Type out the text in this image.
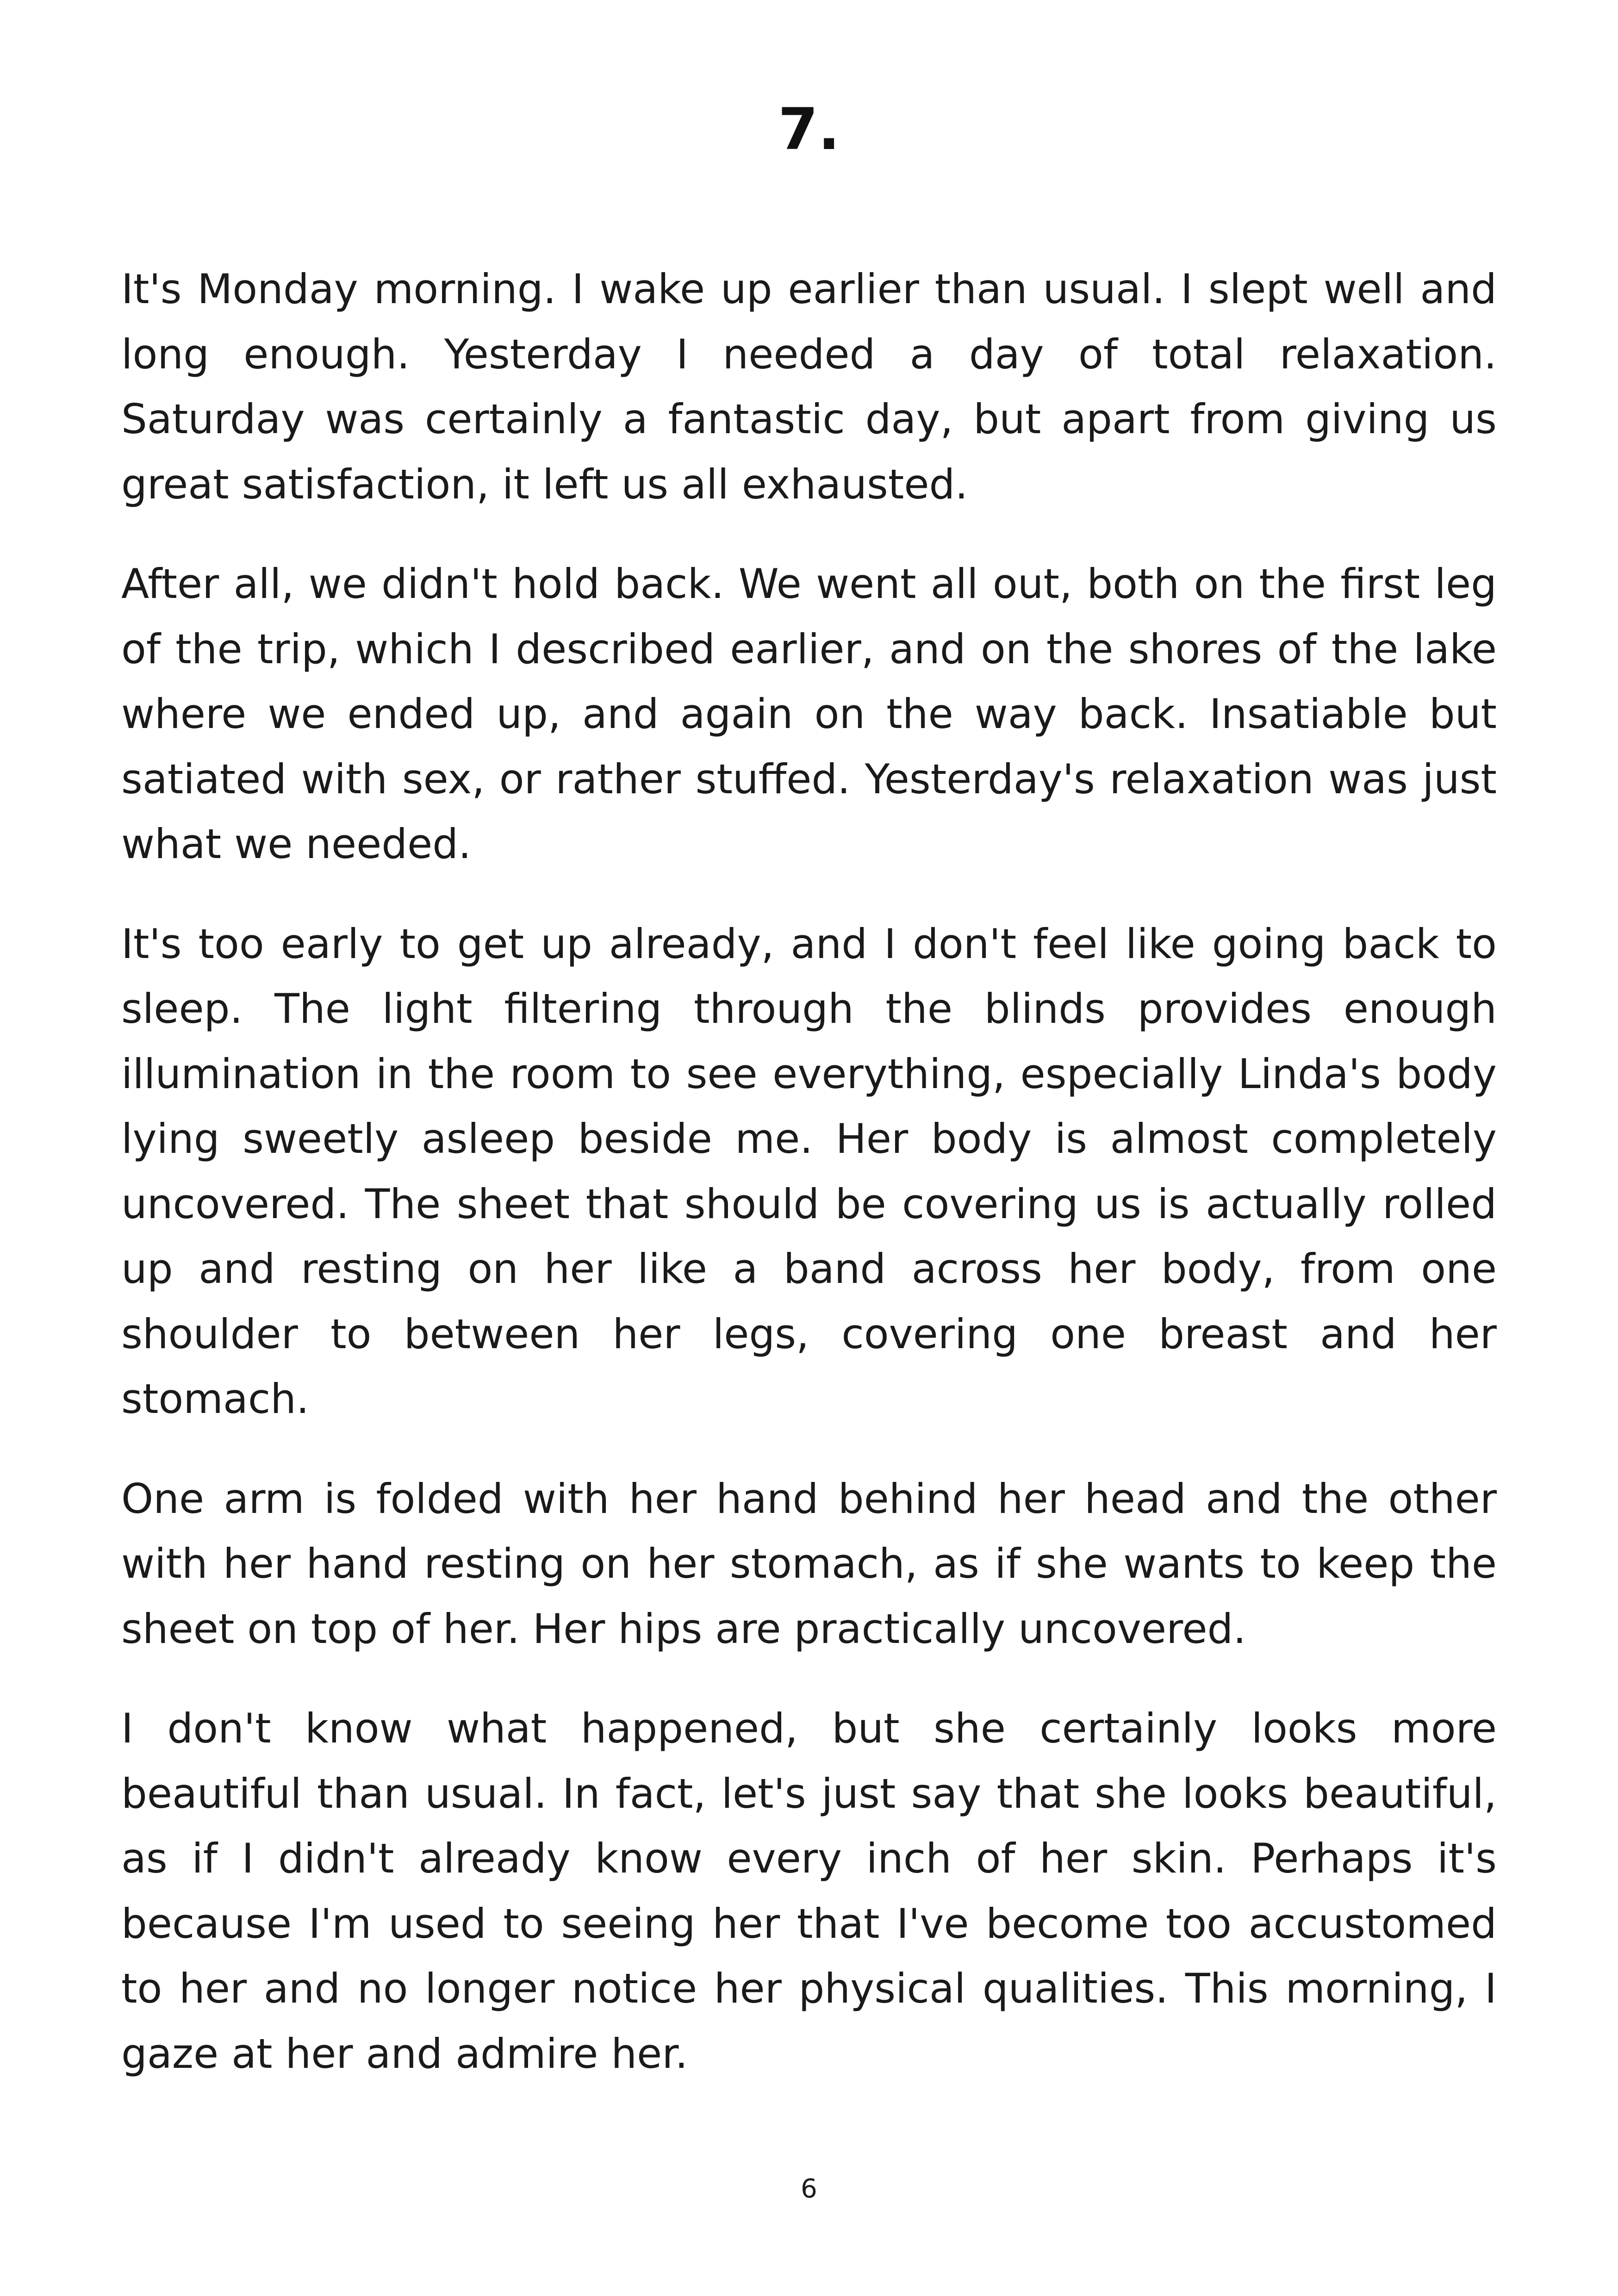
7.

It's Monday morning. I wake up earlier than usual. I slept well and long enough. Yesterday I needed a day of total relaxation. Saturday was certainly a fantastic day, but apart from giving us great satisfaction, it left us all exhausted.

After all, we didn't hold back. We went all out, both on the first leg of the trip, which I described earlier, and on the shores of the lake where we ended up, and again on the way back. Insatiable but satiated with sex, or rather stuffed. Yesterday's relaxation was just what we needed.

It's too early to get up already, and I don't feel like going back to sleep. The light filtering through the blinds provides enough illumination in the room to see everything, especially Linda's body lying sweetly asleep beside me. Her body is almost completely uncovered. The sheet that should be covering us is actually rolled up and resting on her like a band across her body, from one shoulder to between her legs, covering one breast and her stomach.

One arm is folded with her hand behind her head and the other with her hand resting on her stomach, as if she wants to keep the sheet on top of her. Her hips are practically uncovered.

I don't know what happened, but she certainly looks more beautiful than usual. In fact, let's just say that she looks beautiful, as if I didn't already know every inch of her skin. Perhaps it's because I'm used to seeing her that I've become too accustomed to her and no longer notice her physical qualities. This morning, I gaze at her and admire her.

6
